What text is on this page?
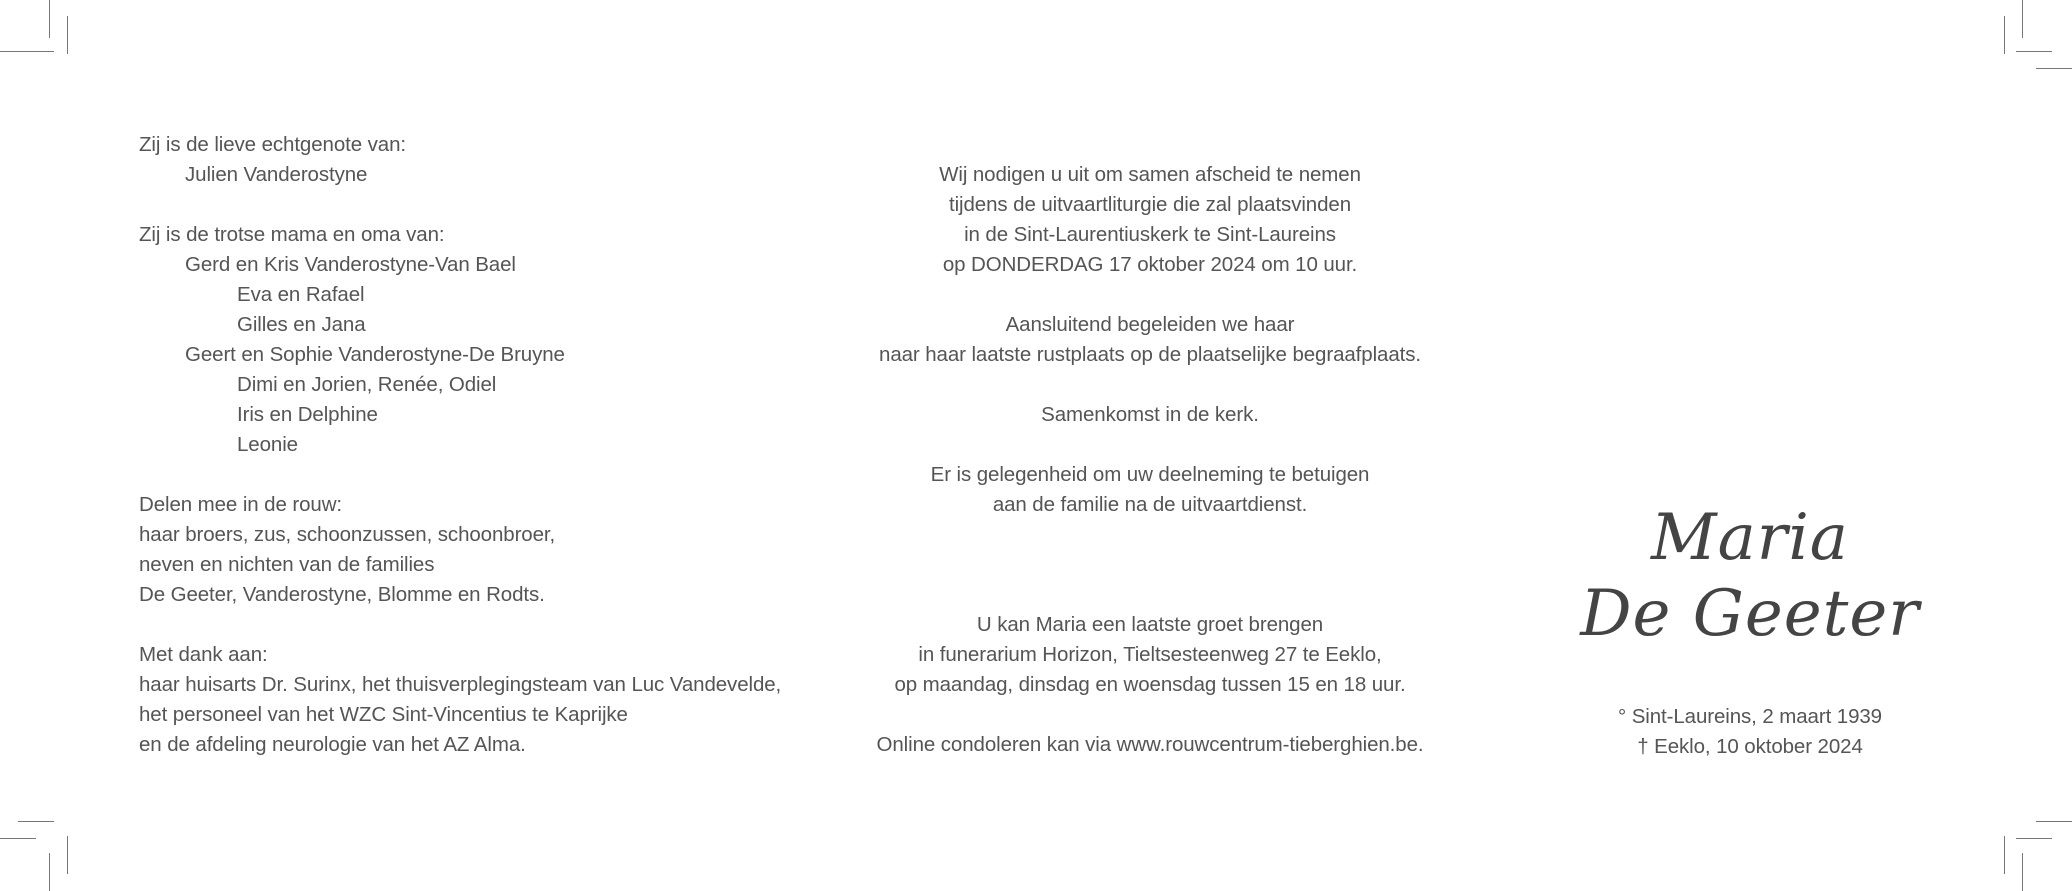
Zij is de lieve echtgenote van:
Julien Vanderostyne
Zij is de trotse mama en oma van:
Gerd en Kris Vanderostyne-Van Bael
Eva en Rafael
Gilles en Jana
Geert en Sophie Vanderostyne-De Bruyne
Dimi en Jorien, Renée, Odiel
Iris en Delphine
Leonie
Delen mee in de rouw:
haar broers, zus, schoonzussen, schoonbroer,
neven en nichten van de families
De Geeter, Vanderostyne, Blomme en Rodts.
Met dank aan:
haar huisarts Dr. Surinx, het thuisverplegingsteam van Luc Vandevelde,
het personeel van het WZC Sint-Vincentius te Kaprijke
en de afdeling neurologie van het AZ Alma.
Wij nodigen u uit om samen afscheid te nemen
tijdens de uitvaartliturgie die zal plaatsvinden
in de Sint-Laurentiuskerk te Sint-Laureins
op DONDERDAG 17 oktober 2024 om 10 uur.
Aansluitend begeleiden we haar
naar haar laatste rustplaats op de plaatselijke begraafplaats.
Samenkomst in de kerk.
Er is gelegenheid om uw deelneming te betuigen
aan de familie na de uitvaartdienst.
U kan Maria een laatste groet brengen
in funerarium Horizon, Tieltsesteenweg 27 te Eeklo,
op maandag, dinsdag en woensdag tussen 15 en 18 uur.
Online condoleren kan via www.rouwcentrum-tieberghien.be.
Maria
De Geeter
° Sint-Laureins, 2 maart 1939
† Eeklo, 10 oktober 2024
